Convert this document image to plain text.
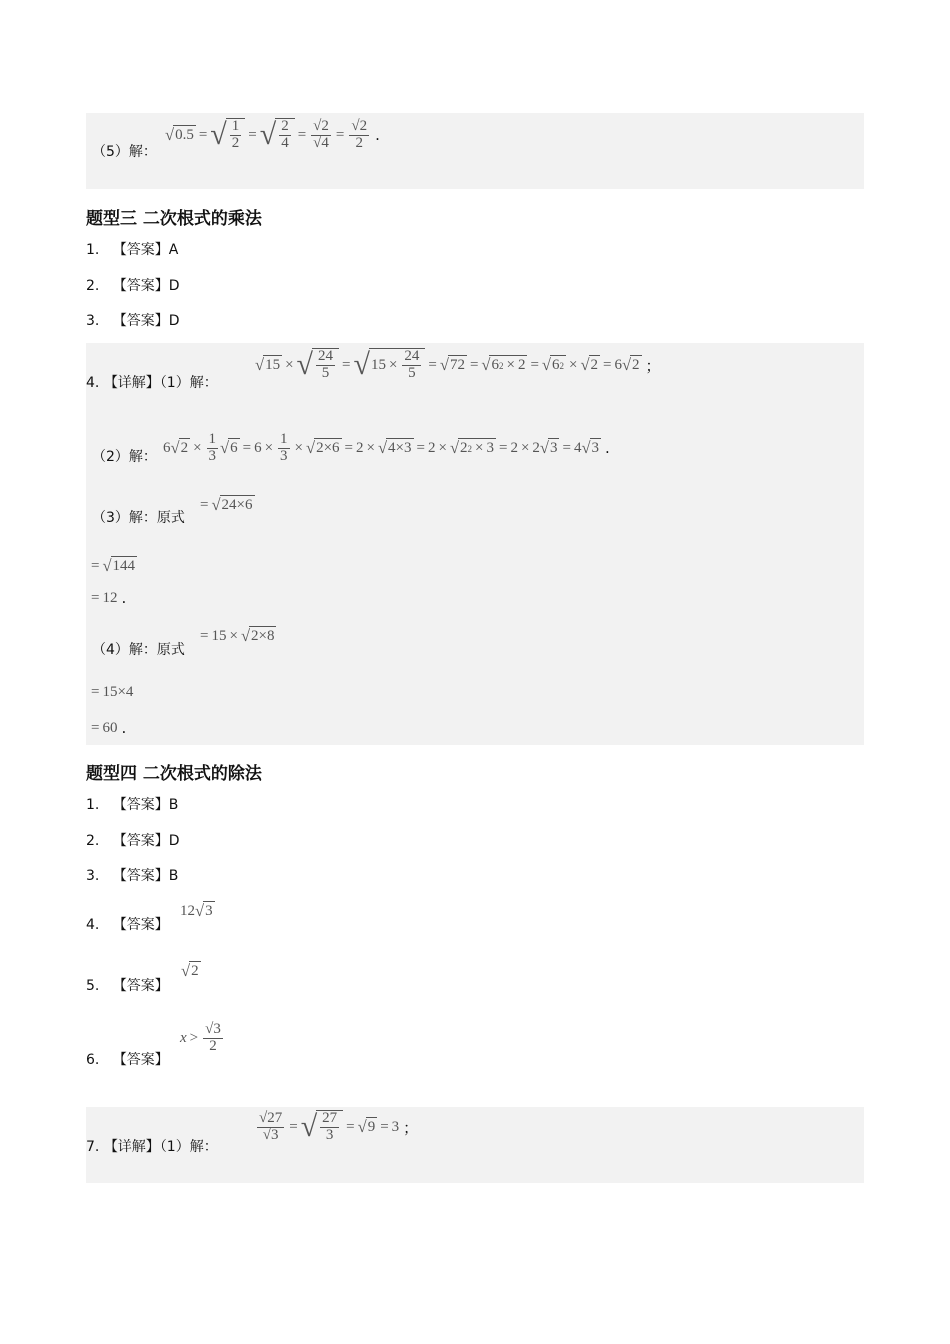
（5）解：
√ 0.5 = √ $\frac{1}{2}$ = √ $\frac{2}{4} = \frac{√2}{√4} = \frac{√2}{2}$ .
题型三 二次根式的乘法
1. 【答案】A
2. 【答案】D
3. 【答案】D
4. 【详解】（1）解：
√ 15 × √ $\frac{24}{5}$ = √ $15 \times \frac{24}{5}$ = √ 72 = √ 6 2 × 2 = √ 6 2 × √ 2 = 6 √ 2 ；
（2）解：
6 √ $2 \times \frac{1}{3}$ √ $6 = 6 \times \frac{1}{3}$ × √ 2×6 = 2 × √ 4×3 = 2 × √ 2 2 × 3 = 2 × 2 √ 3 = 4 √ 3 .
（3）解：原式
= √ 24×6
= √ 144
= 12 .
（4）解：原式
= 15 × √ 2×8
= 15×4
= 60 .
题型四 二次根式的除法
1. 【答案】B
2. 【答案】D
3. 【答案】B
4. 【答案】
12 √ 3
5. 【答案】
√ 2
6. 【答案】
$x > \frac{√3}{2}$
7. 【详解】（1）解：
$\frac{√27}{√3}$ = √ $\frac{27}{3}$ = √ 9 = 3 ；
